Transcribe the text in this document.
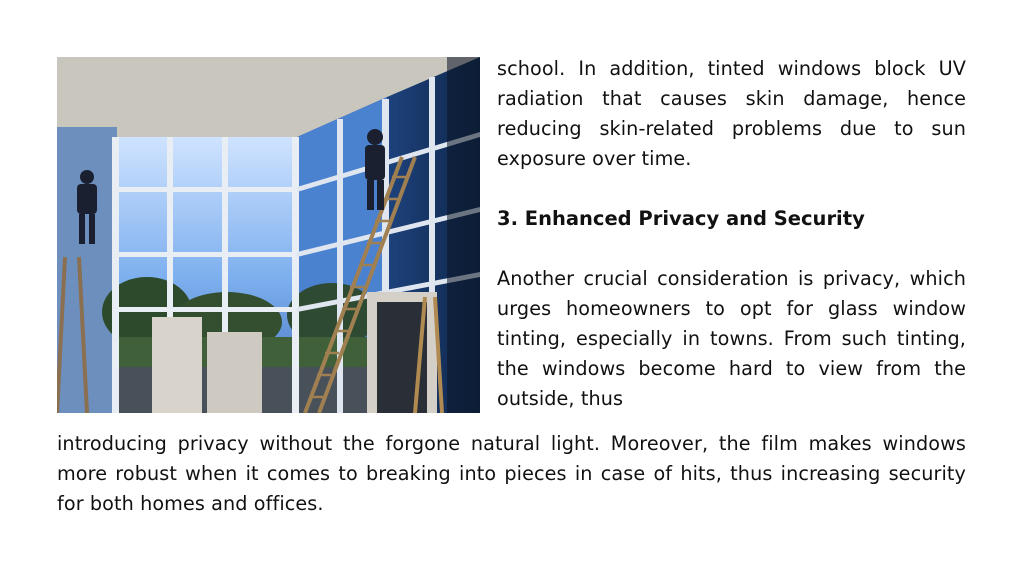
school. In addition, tinted windows block UV radiation that causes skin damage, hence reducing skin-related problems due to sun exposure over time.

3. Enhanced Privacy and Security

Another crucial consideration is privacy, which urges homeowners to opt for glass window tinting, especially in towns. From such tinting, the windows become hard to view from the outside, thus

introducing privacy without the forgone natural light. Moreover, the film makes windows more robust when it comes to breaking into pieces in case of hits, thus increasing security for both homes and offices.
